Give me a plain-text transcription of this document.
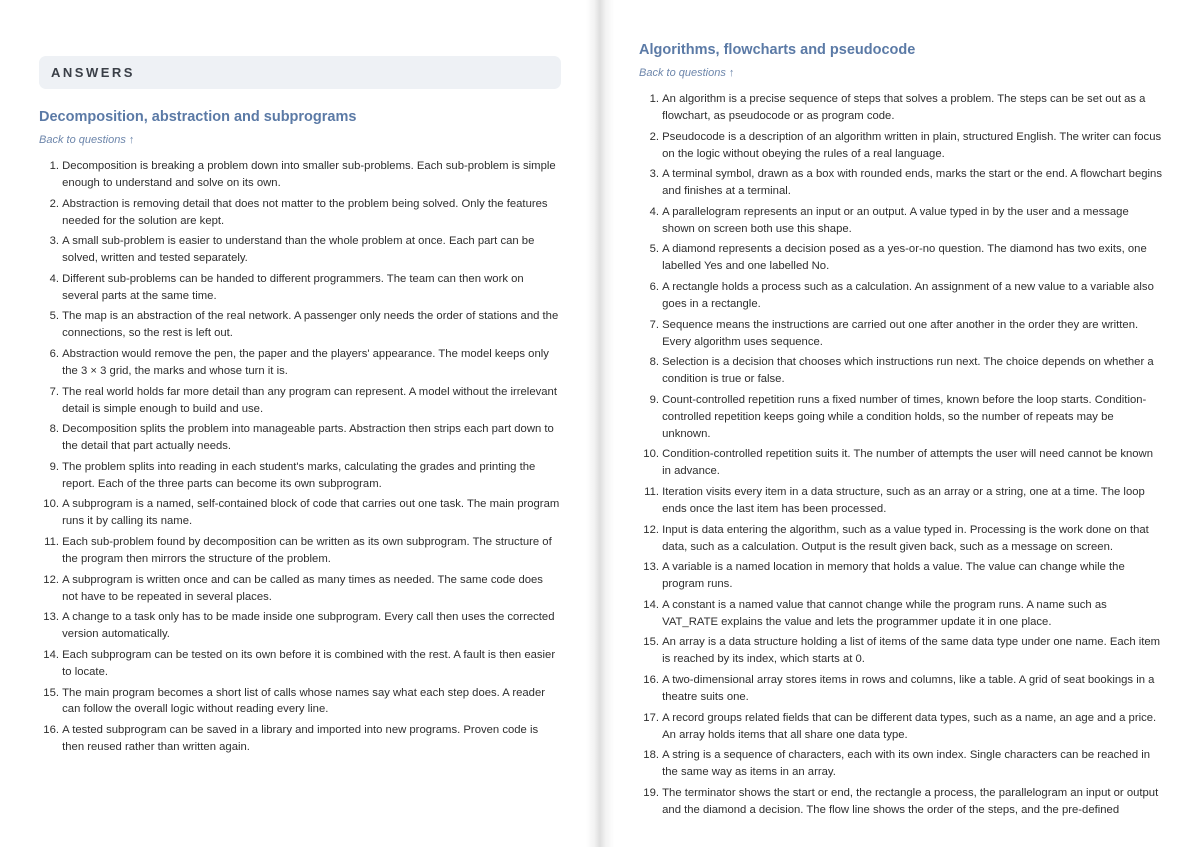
ANSWERS
Decomposition, abstraction and subprograms
Back to questions ↑
1.
Decomposition is breaking a problem down into smaller sub-problems. Each sub-problem is simple enough to understand and solve on its own.
2.
Abstraction is removing detail that does not matter to the problem being solved. Only the features needed for the solution are kept.
3.
A small sub-problem is easier to understand than the whole problem at once. Each part can be solved, written and tested separately.
4.
Different sub-problems can be handed to different programmers. The team can then work on several parts at the same time.
5.
The map is an abstraction of the real network. A passenger only needs the order of stations and the connections, so the rest is left out.
6.
Abstraction would remove the pen, the paper and the players' appearance. The model keeps only the 3 × 3 grid, the marks and whose turn it is.
7.
The real world holds far more detail than any program can represent. A model without the irrelevant detail is simple enough to build and use.
8.
Decomposition splits the problem into manageable parts. Abstraction then strips each part down to the detail that part actually needs.
9.
The problem splits into reading in each student's marks, calculating the grades and printing the report. Each of the three parts can become its own subprogram.
10.
A subprogram is a named, self-contained block of code that carries out one task. The main program runs it by calling its name.
11.
Each sub-problem found by decomposition can be written as its own subprogram. The structure of the program then mirrors the structure of the problem.
12.
A subprogram is written once and can be called as many times as needed. The same code does not have to be repeated in several places.
13.
A change to a task only has to be made inside one subprogram. Every call then uses the corrected version automatically.
14.
Each subprogram can be tested on its own before it is combined with the rest. A fault is then easier to locate.
15.
The main program becomes a short list of calls whose names say what each step does. A reader can follow the overall logic without reading every line.
16.
A tested subprogram can be saved in a library and imported into new programs. Proven code is then reused rather than written again.
Algorithms, flowcharts and pseudocode
Back to questions ↑
1.
An algorithm is a precise sequence of steps that solves a problem. The steps can be set out as a flowchart, as pseudocode or as program code.
2.
Pseudocode is a description of an algorithm written in plain, structured English. The writer can focus on the logic without obeying the rules of a real language.
3.
A terminal symbol, drawn as a box with rounded ends, marks the start or the end. A flowchart begins and finishes at a terminal.
4.
A parallelogram represents an input or an output. A value typed in by the user and a message shown on screen both use this shape.
5.
A diamond represents a decision posed as a yes-or-no question. The diamond has two exits, one labelled Yes and one labelled No.
6.
A rectangle holds a process such as a calculation. An assignment of a new value to a variable also goes in a rectangle.
7.
Sequence means the instructions are carried out one after another in the order they are written. Every algorithm uses sequence.
8.
Selection is a decision that chooses which instructions run next. The choice depends on whether a condition is true or false.
9.
Count-controlled repetition runs a fixed number of times, known before the loop starts. Condition-controlled repetition keeps going while a condition holds, so the number of repeats may be unknown.
10.
Condition-controlled repetition suits it. The number of attempts the user will need cannot be known in advance.
11.
Iteration visits every item in a data structure, such as an array or a string, one at a time. The loop ends once the last item has been processed.
12.
Input is data entering the algorithm, such as a value typed in. Processing is the work done on that data, such as a calculation. Output is the result given back, such as a message on screen.
13.
A variable is a named location in memory that holds a value. The value can change while the program runs.
14.
A constant is a named value that cannot change while the program runs. A name such as VAT_RATE explains the value and lets the programmer update it in one place.
15.
An array is a data structure holding a list of items of the same data type under one name. Each item is reached by its index, which starts at 0.
16.
A two-dimensional array stores items in rows and columns, like a table. A grid of seat bookings in a theatre suits one.
17.
A record groups related fields that can be different data types, such as a name, an age and a price. An array holds items that all share one data type.
18.
A string is a sequence of characters, each with its own index. Single characters can be reached in the same way as items in an array.
19.
The terminator shows the start or end, the rectangle a process, the parallelogram an input or output and the diamond a decision. The flow line shows the order of the steps, and the pre-defined
